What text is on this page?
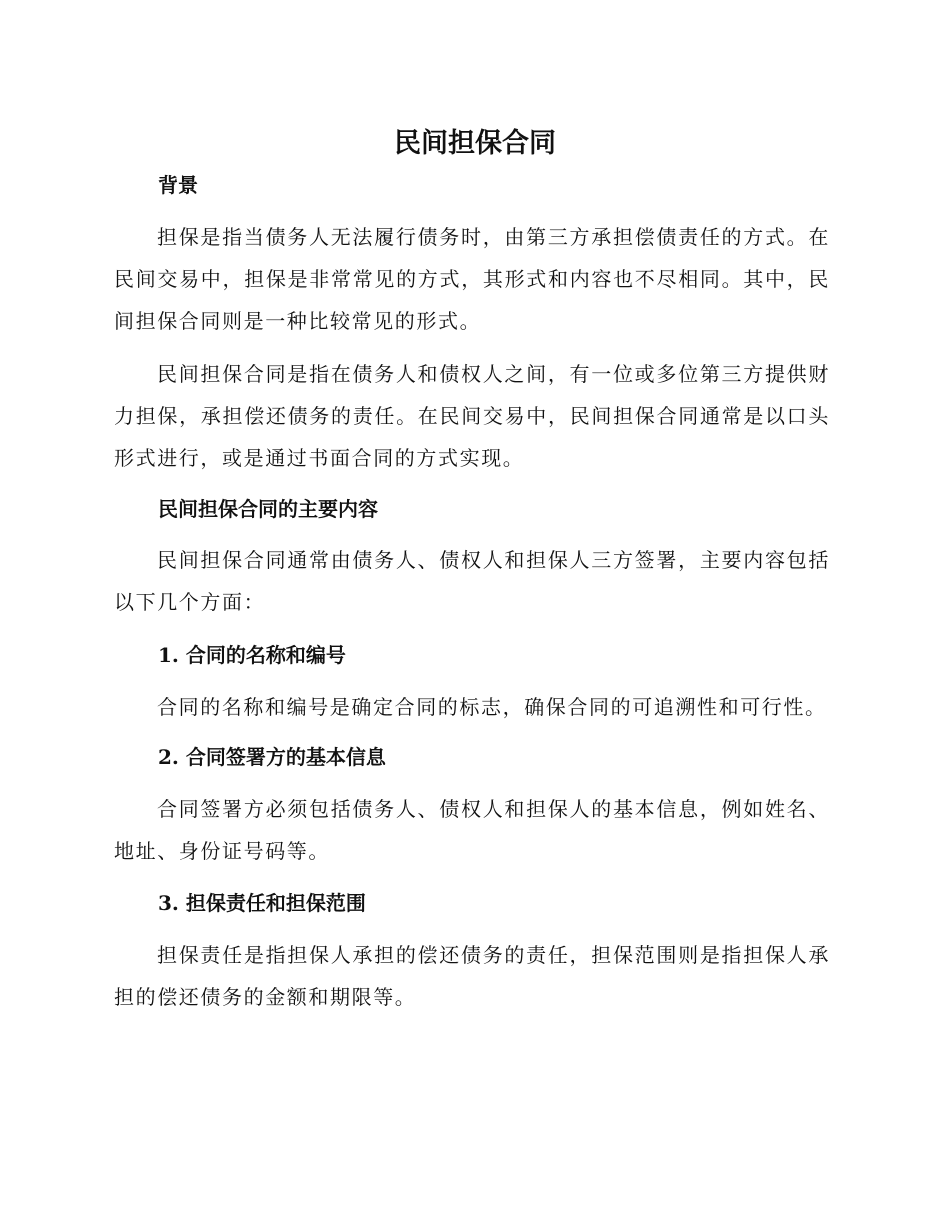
民间担保合同
背景

担保是指当债务人无法履行债务时，由第三方承担偿债责任的方式。在民间交易中，担保是非常常见的方式，其形式和内容也不尽相同。其中，民间担保合同则是一种比较常见的形式。

民间担保合同是指在债务人和债权人之间，有一位或多位第三方提供财力担保，承担偿还债务的责任。在民间交易中，民间担保合同通常是以口头形式进行，或是通过书面合同的方式实现。

民间担保合同的主要内容

民间担保合同通常由债务人、债权人和担保人三方签署，主要内容包括以下几个方面：

1. 合同的名称和编号

合同的名称和编号是确定合同的标志，确保合同的可追溯性和可行性。

2. 合同签署方的基本信息

合同签署方必须包括债务人、债权人和担保人的基本信息，例如姓名、地址、身份证号码等。

3. 担保责任和担保范围

担保责任是指担保人承担的偿还债务的责任，担保范围则是指担保人承担的偿还债务的金额和期限等。
